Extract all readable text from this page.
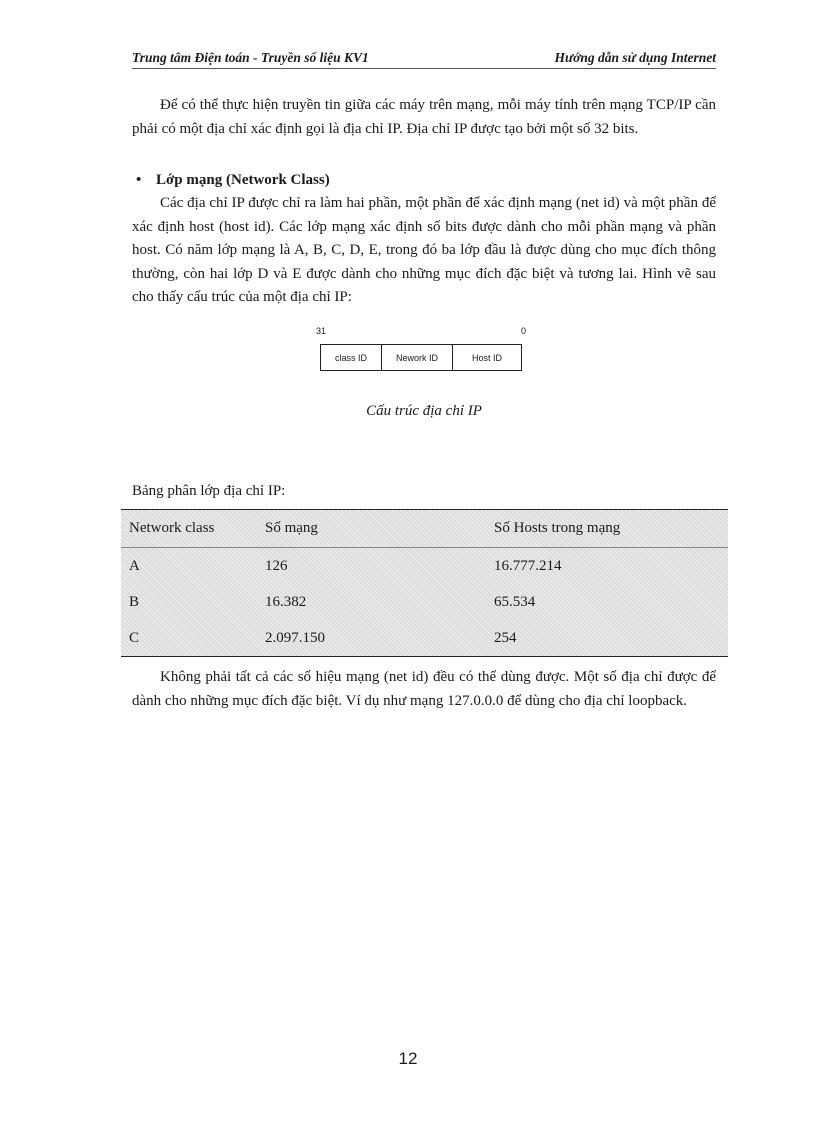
Trung tâm Điện toán - Truyền số liệu KV1	Hướng dẫn sử dụng Internet

Để có thể thực hiện truyền tin giữa các máy trên mạng, mỗi máy tính trên mạng TCP/IP cần phải có một địa chỉ xác định gọi là địa chỉ IP. Địa chỉ IP được tạo bởi một số 32 bits.

• Lớp mạng (Network Class)

Các địa chỉ IP được chỉ ra làm hai phần, một phần để xác định mạng (net id) và một phần để xác định host (host id). Các lớp mạng xác định số bits được dành cho mỗi phần mạng và phần host. Có năm lớp mạng là A, B, C, D, E, trong đó ba lớp đầu là được dùng cho mục đích thông thường, còn hai lớp D và E được dành cho những mục đích đặc biệt và tương lai. Hình vẽ sau cho thấy cấu trúc của một địa chỉ IP:

31	0
class ID	Nework ID	Host ID
Cấu trúc địa chỉ IP
Bảng phân lớp địa chỉ IP:
Network class	Số mạng	Số Hosts trong mạng
A	126	16.777.214
B	16.382	65.534
C	2.097.150	254

Không phải tất cả các số hiệu mạng (net id) đều có thể dùng được. Một số địa chỉ được để dành cho những mục đích đặc biệt. Ví dụ như mạng 127.0.0.0 để dùng cho địa chỉ loopback.

12
